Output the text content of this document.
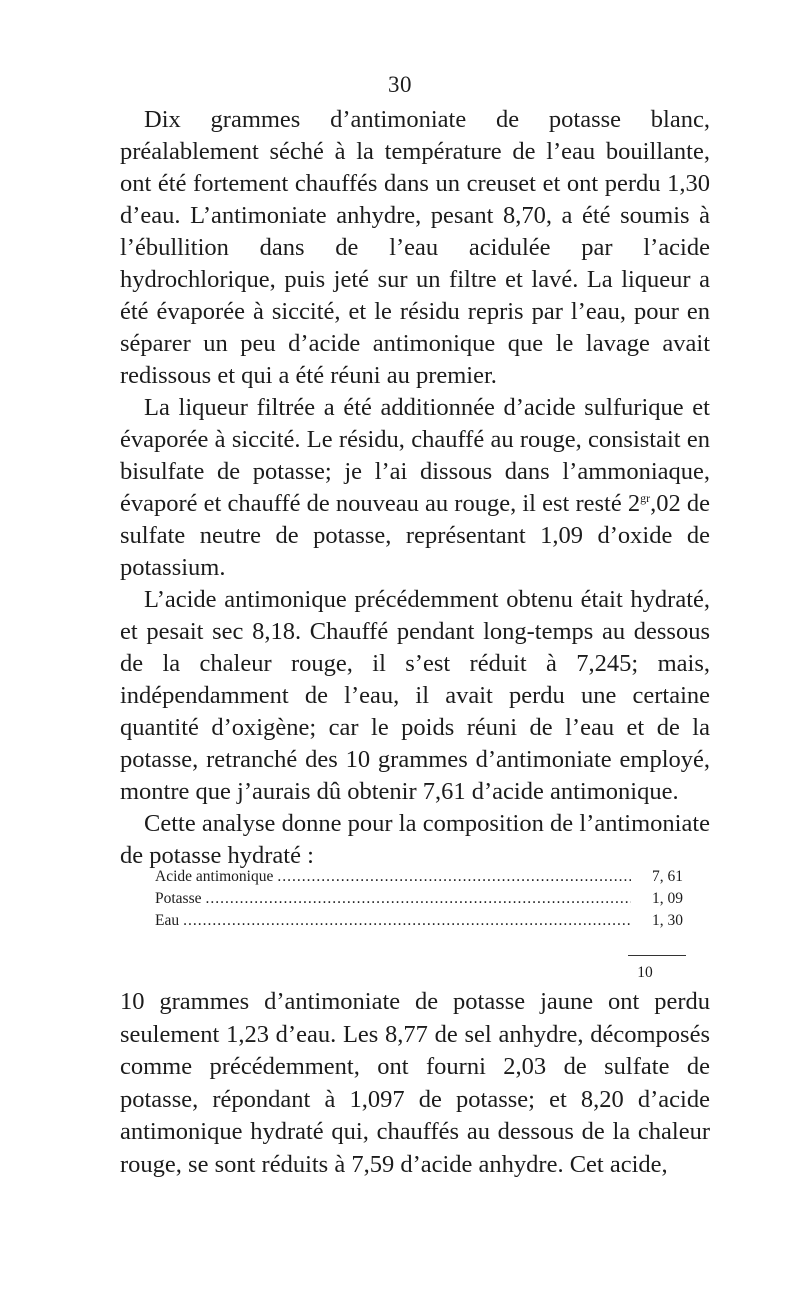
30

Dix grammes d’antimoniate de potasse blanc, préalablement séché à la température de l’eau bouillante, ont été fortement chauffés dans un creuset et ont perdu 1,30 d’eau. L’antimoniate anhydre, pesant 8,70, a été soumis à l’ébullition dans de l’eau acidulée par l’acide hydrochlorique, puis jeté sur un filtre et lavé. La liqueur a été évaporée à siccité, et le résidu repris par l’eau, pour en séparer un peu d’acide antimonique que le lavage avait redissous et qui a été réuni au premier.

La liqueur filtrée a été additionnée d’acide sulfurique et évaporée à siccité. Le résidu, chauffé au rouge, consistait en bisulfate de potasse; je l’ai dissous dans l’ammoniaque, évaporé et chauffé de nouveau au rouge, il est resté $2^{gr},02$ de sulfate neutre de potasse, représentant 1,09 d’oxide de potassium.

L’acide antimonique précédemment obtenu était hydraté, et pesait sec 8,18. Chauffé pendant long-temps au dessous de la chaleur rouge, il s’est réduit à 7,245; mais, indépendamment de l’eau, il avait perdu une certaine quantité d’oxigène; car le poids réuni de l’eau et de la potasse, retranché des 10 grammes d’antimoniate employé, montre que j’aurais dû obtenir 7,61 d’acide antimonique.

Cette analyse donne pour la composition de l’antimoniate de potasse hydraté :

Acide antimonique .....	7, 61
Potasse .....	1, 09
Eau .....	1, 30
10

10 grammes d’antimoniate de potasse jaune ont perdu seulement 1,23 d’eau. Les 8,77 de sel anhydre, décomposés comme précédemment, ont fourni 2,03 de sulfate de potasse, répondant à 1,097 de potasse; et 8,20 d’acide antimonique hydraté qui, chauffés au dessous de la chaleur rouge, se sont réduits à 7,59 d’acide anhydre. Cet acide,
